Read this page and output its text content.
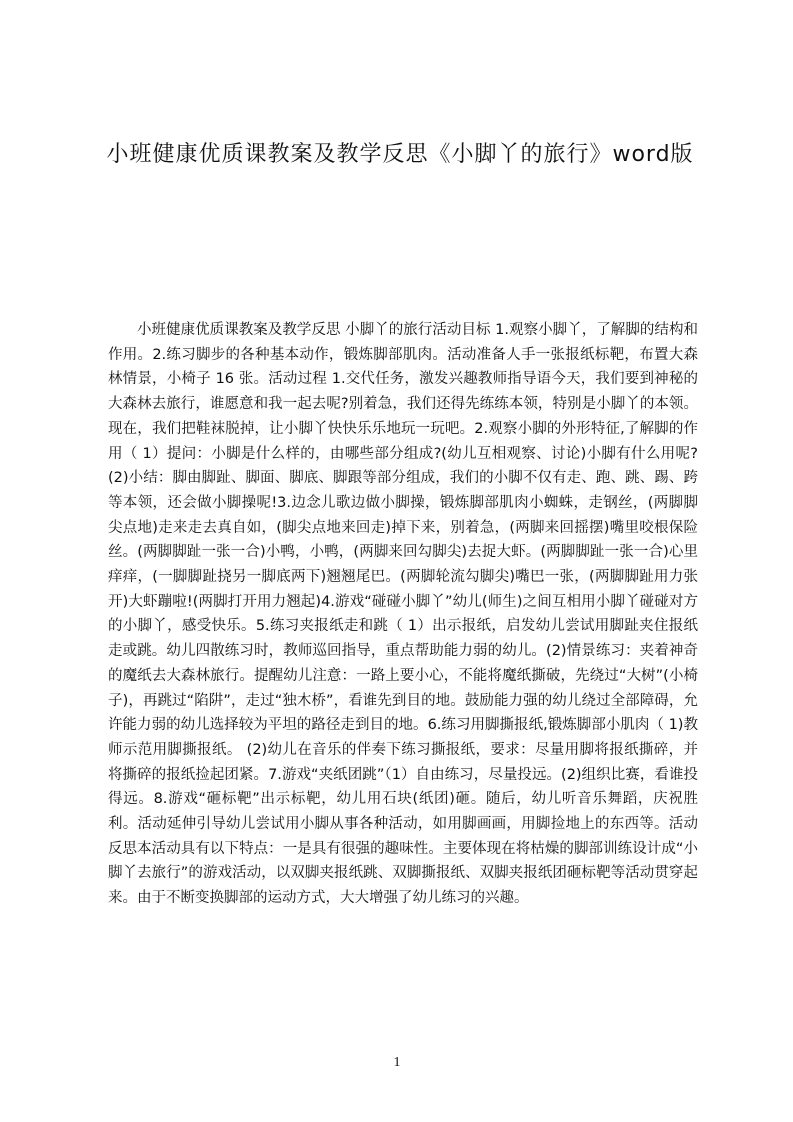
小班健康优质课教案及教学反思《小脚丫的旅行》word版

小班健康优质课教案及教学反思 小脚丫的旅行活动目标 1.观察小脚丫，了解脚的结构和作用。2.练习脚步的各种基本动作，锻炼脚部肌肉。活动准备人手一张报纸标靶，布置大森林情景，小椅子 16 张。活动过程 1.交代任务，激发兴趣教师指导语今天，我们要到神秘的大森林去旅行，谁愿意和我一起去呢?别着急，我们还得先练练本领，特别是小脚丫的本领。现在，我们把鞋袜脱掉，让小脚丫快快乐乐地玩一玩吧。2.观察小脚的外形特征,了解脚的作用（ 1）提问：小脚是什么样的，由哪些部分组成?(幼儿互相观察、讨论)小脚有什么用呢?(2)小结：脚由脚趾、脚面、脚底、脚跟等部分组成，我们的小脚不仅有走、跑、跳、踢、跨等本领，还会做小脚操呢!3.边念儿歌边做小脚操，锻炼脚部肌肉小蜘蛛，走钢丝，(两脚脚尖点地)走来走去真自如，(脚尖点地来回走)掉下来，别着急，(两脚来回摇摆)嘴里咬根保险丝。(两脚脚趾一张一合)小鸭，小鸭，(两脚来回勾脚尖)去捉大虾。(两脚脚趾一张一合)心里痒痒，(一脚脚趾挠另一脚底两下)翘翘尾巴。(两脚轮流勾脚尖)嘴巴一张，(两脚脚趾用力张开)大虾蹦啦!(两脚打开用力翘起)4.游戏“碰碰小脚丫”幼儿(师生)之间互相用小脚丫碰碰对方的小脚丫，感受快乐。5.练习夹报纸走和跳（ 1）出示报纸，启发幼儿尝试用脚趾夹住报纸走或跳。幼儿四散练习时，教师巡回指导，重点帮助能力弱的幼儿。(2)情景练习：夹着神奇的魔纸去大森林旅行。提醒幼儿注意：一路上要小心，不能将魔纸撕破，先绕过“大树”(小椅子)，再跳过“陷阱”，走过“独木桥”，看谁先到目的地。鼓励能力强的幼儿绕过全部障碍，允许能力弱的幼儿选择较为平坦的路径走到目的地。6.练习用脚撕报纸,锻炼脚部小肌肉（ 1)教师示范用脚撕报纸。 (2)幼儿在音乐的伴奏下练习撕报纸，要求：尽量用脚将报纸撕碎，并将撕碎的报纸捡起团紧。7.游戏“夹纸团跳”（1）自由练习，尽量投远。(2)组织比赛，看谁投得远。8.游戏“砸标靶”出示标靶，幼儿用石块(纸团)砸。随后，幼儿听音乐舞蹈，庆祝胜利。活动延伸引导幼儿尝试用小脚从事各种活动，如用脚画画，用脚捡地上的东西等。活动反思本活动具有以下特点：一是具有很强的趣味性。主要体现在将枯燥的脚部训练设计成“小脚丫去旅行”的游戏活动，以双脚夹报纸跳、双脚撕报纸、双脚夹报纸团砸标靶等活动贯穿起来。由于不断变换脚部的运动方式，大大增强了幼儿练习的兴趣。

1
